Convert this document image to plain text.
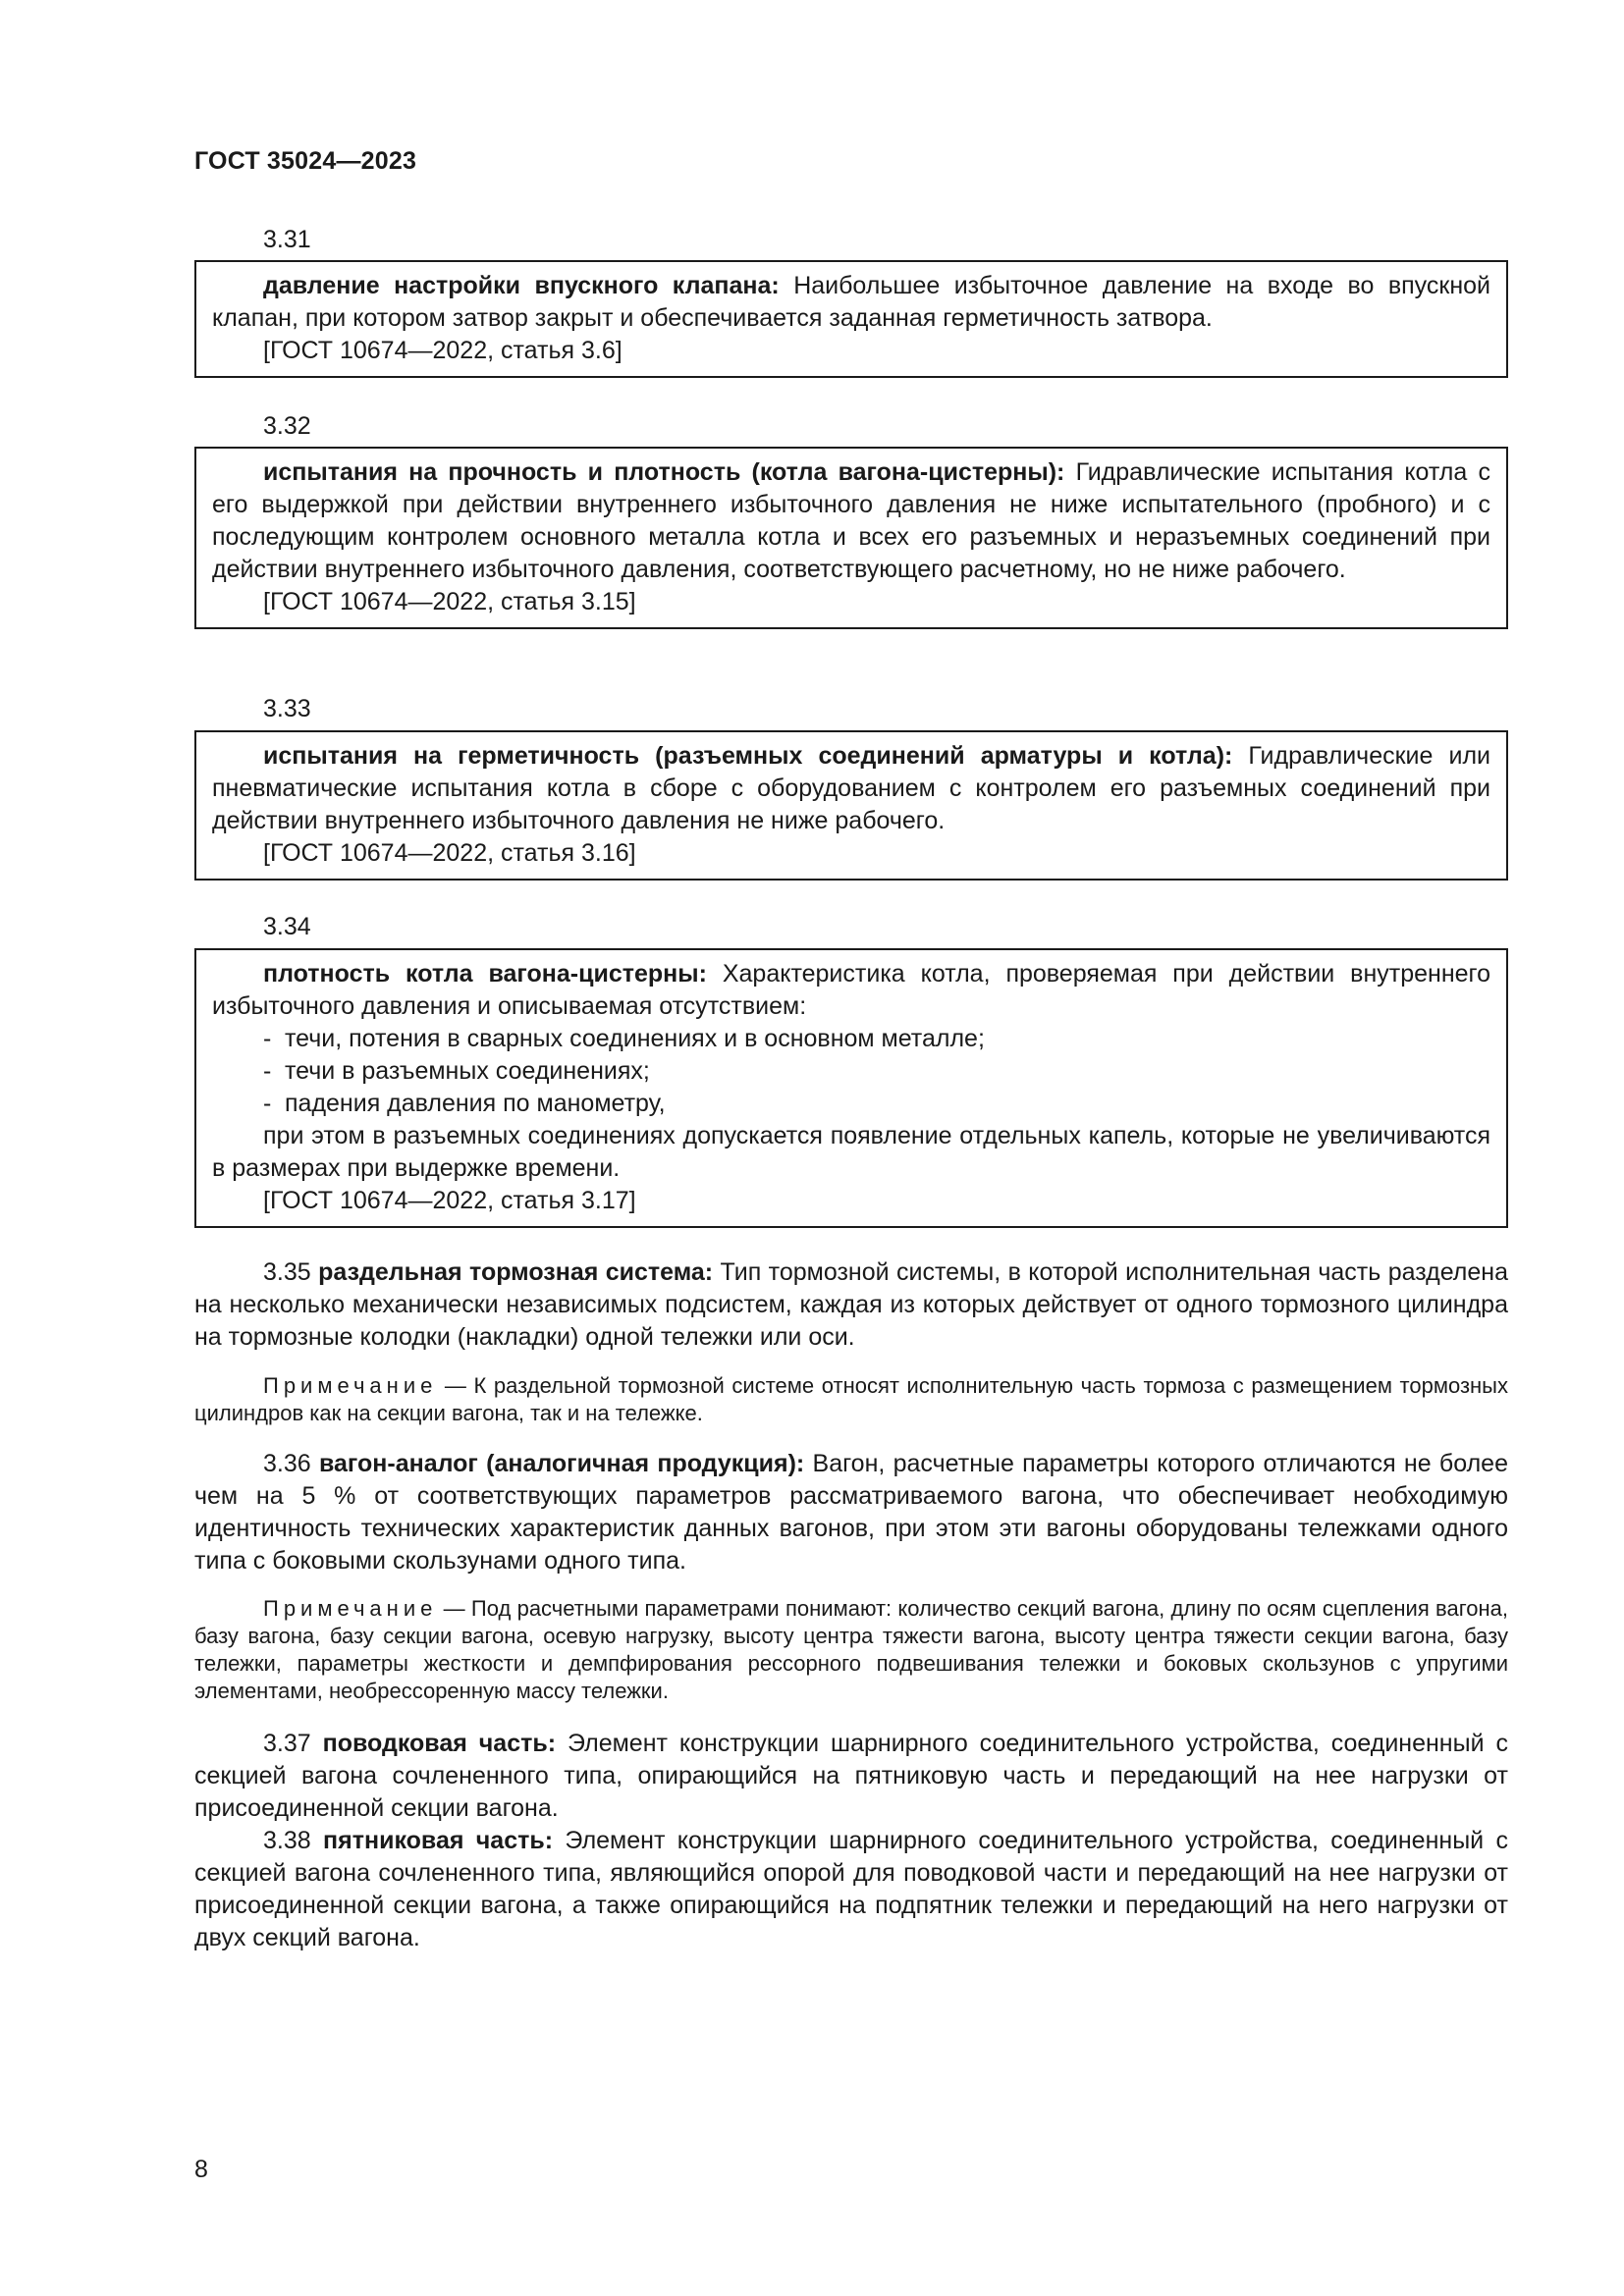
ГОСТ 35024—2023
3.31

давление настройки впускного клапана: Наибольшее избыточное давление на входе во впускной клапан, при котором затвор закрыт и обеспечивается заданная герметичность затвора.

[ГОСТ 10674—2022, статья 3.6]

3.32

испытания на прочность и плотность (котла вагона-цистерны): Гидравлические испытания котла с его выдержкой при действии внутреннего избыточного давления не ниже испытательного (пробного) и с последующим контролем основного металла котла и всех его разъемных и неразъемных соединений при действии внутреннего избыточного давления, соответствующего расчетному, но не ниже рабочего.

[ГОСТ 10674—2022, статья 3.15]

3.33

испытания на герметичность (разъемных соединений арматуры и котла): Гидравлические или пневматические испытания котла в сборе с оборудованием с контролем его разъемных соединений при действии внутреннего избыточного давления не ниже рабочего.

[ГОСТ 10674—2022, статья 3.16]

3.34

плотность котла вагона-цистерны: Характеристика котла, проверяемая при действии внутреннего избыточного давления и описываемая отсутствием:

- течи, потения в сварных соединениях и в основном металле;

- течи в разъемных соединениях;

- падения давления по манометру,

при этом в разъемных соединениях допускается появление отдельных капель, которые не увеличиваются в размерах при выдержке времени.

[ГОСТ 10674—2022, статья 3.17]

3.35 раздельная тормозная система: Тип тормозной системы, в которой исполнительная часть разделена на несколько механически независимых подсистем, каждая из которых действует от одного тормозного цилиндра на тормозные колодки (накладки) одной тележки или оси.

Примечание — К раздельной тормозной системе относят исполнительную часть тормоза с размещением тормозных цилиндров как на секции вагона, так и на тележке.

3.36 вагон-аналог (аналогичная продукция): Вагон, расчетные параметры которого отличаются не более чем на 5 % от соответствующих параметров рассматриваемого вагона, что обеспечивает необходимую идентичность технических характеристик данных вагонов, при этом эти вагоны оборудованы тележками одного типа с боковыми скользунами одного типа.

Примечание — Под расчетными параметрами понимают: количество секций вагона, длину по осям сцепления вагона, базу вагона, базу секции вагона, осевую нагрузку, высоту центра тяжести вагона, высоту центра тяжести секции вагона, базу тележки, параметры жесткости и демпфирования рессорного подвешивания тележки и боковых скользунов с упругими элементами, необрессоренную массу тележки.

3.37 поводковая часть: Элемент конструкции шарнирного соединительного устройства, соединенный с секцией вагона сочлененного типа, опирающийся на пятниковую часть и передающий на нее нагрузки от присоединенной секции вагона.

3.38 пятниковая часть: Элемент конструкции шарнирного соединительного устройства, соединенный с секцией вагона сочлененного типа, являющийся опорой для поводковой части и передающий на нее нагрузки от присоединенной секции вагона, а также опирающийся на подпятник тележки и передающий на него нагрузки от двух секций вагона.

8
